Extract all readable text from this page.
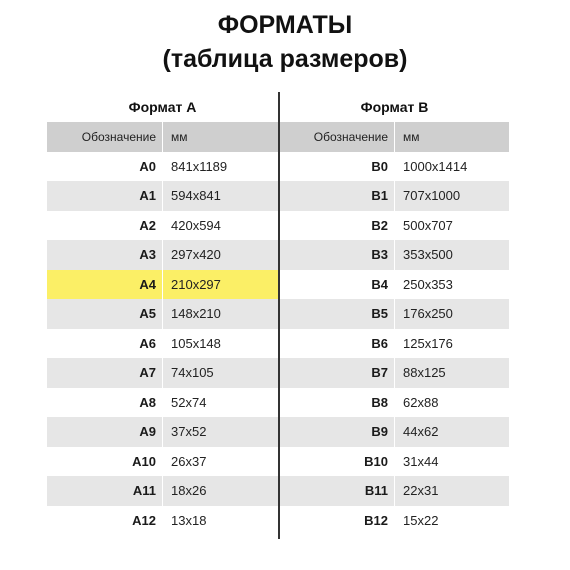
ФОРМАТЫ
(таблица размеров)
Формат A
Обозначение	мм
A0	841x1189
A1	594x841
A2	420x594
A3	297x420
A4	210x297
A5	148x210
A6	105x148
A7	74x105
A8	52x74
A9	37x52
A10	26x37
A11	18x26
A12	13x18
Формат B
Обозначение	мм
B0	1000x1414
B1	707x1000
B2	500x707
B3	353x500
B4	250x353
B5	176x250
B6	125x176
B7	88x125
B8	62x88
B9	44x62
B10	31x44
B11	22x31
B12	15x22
